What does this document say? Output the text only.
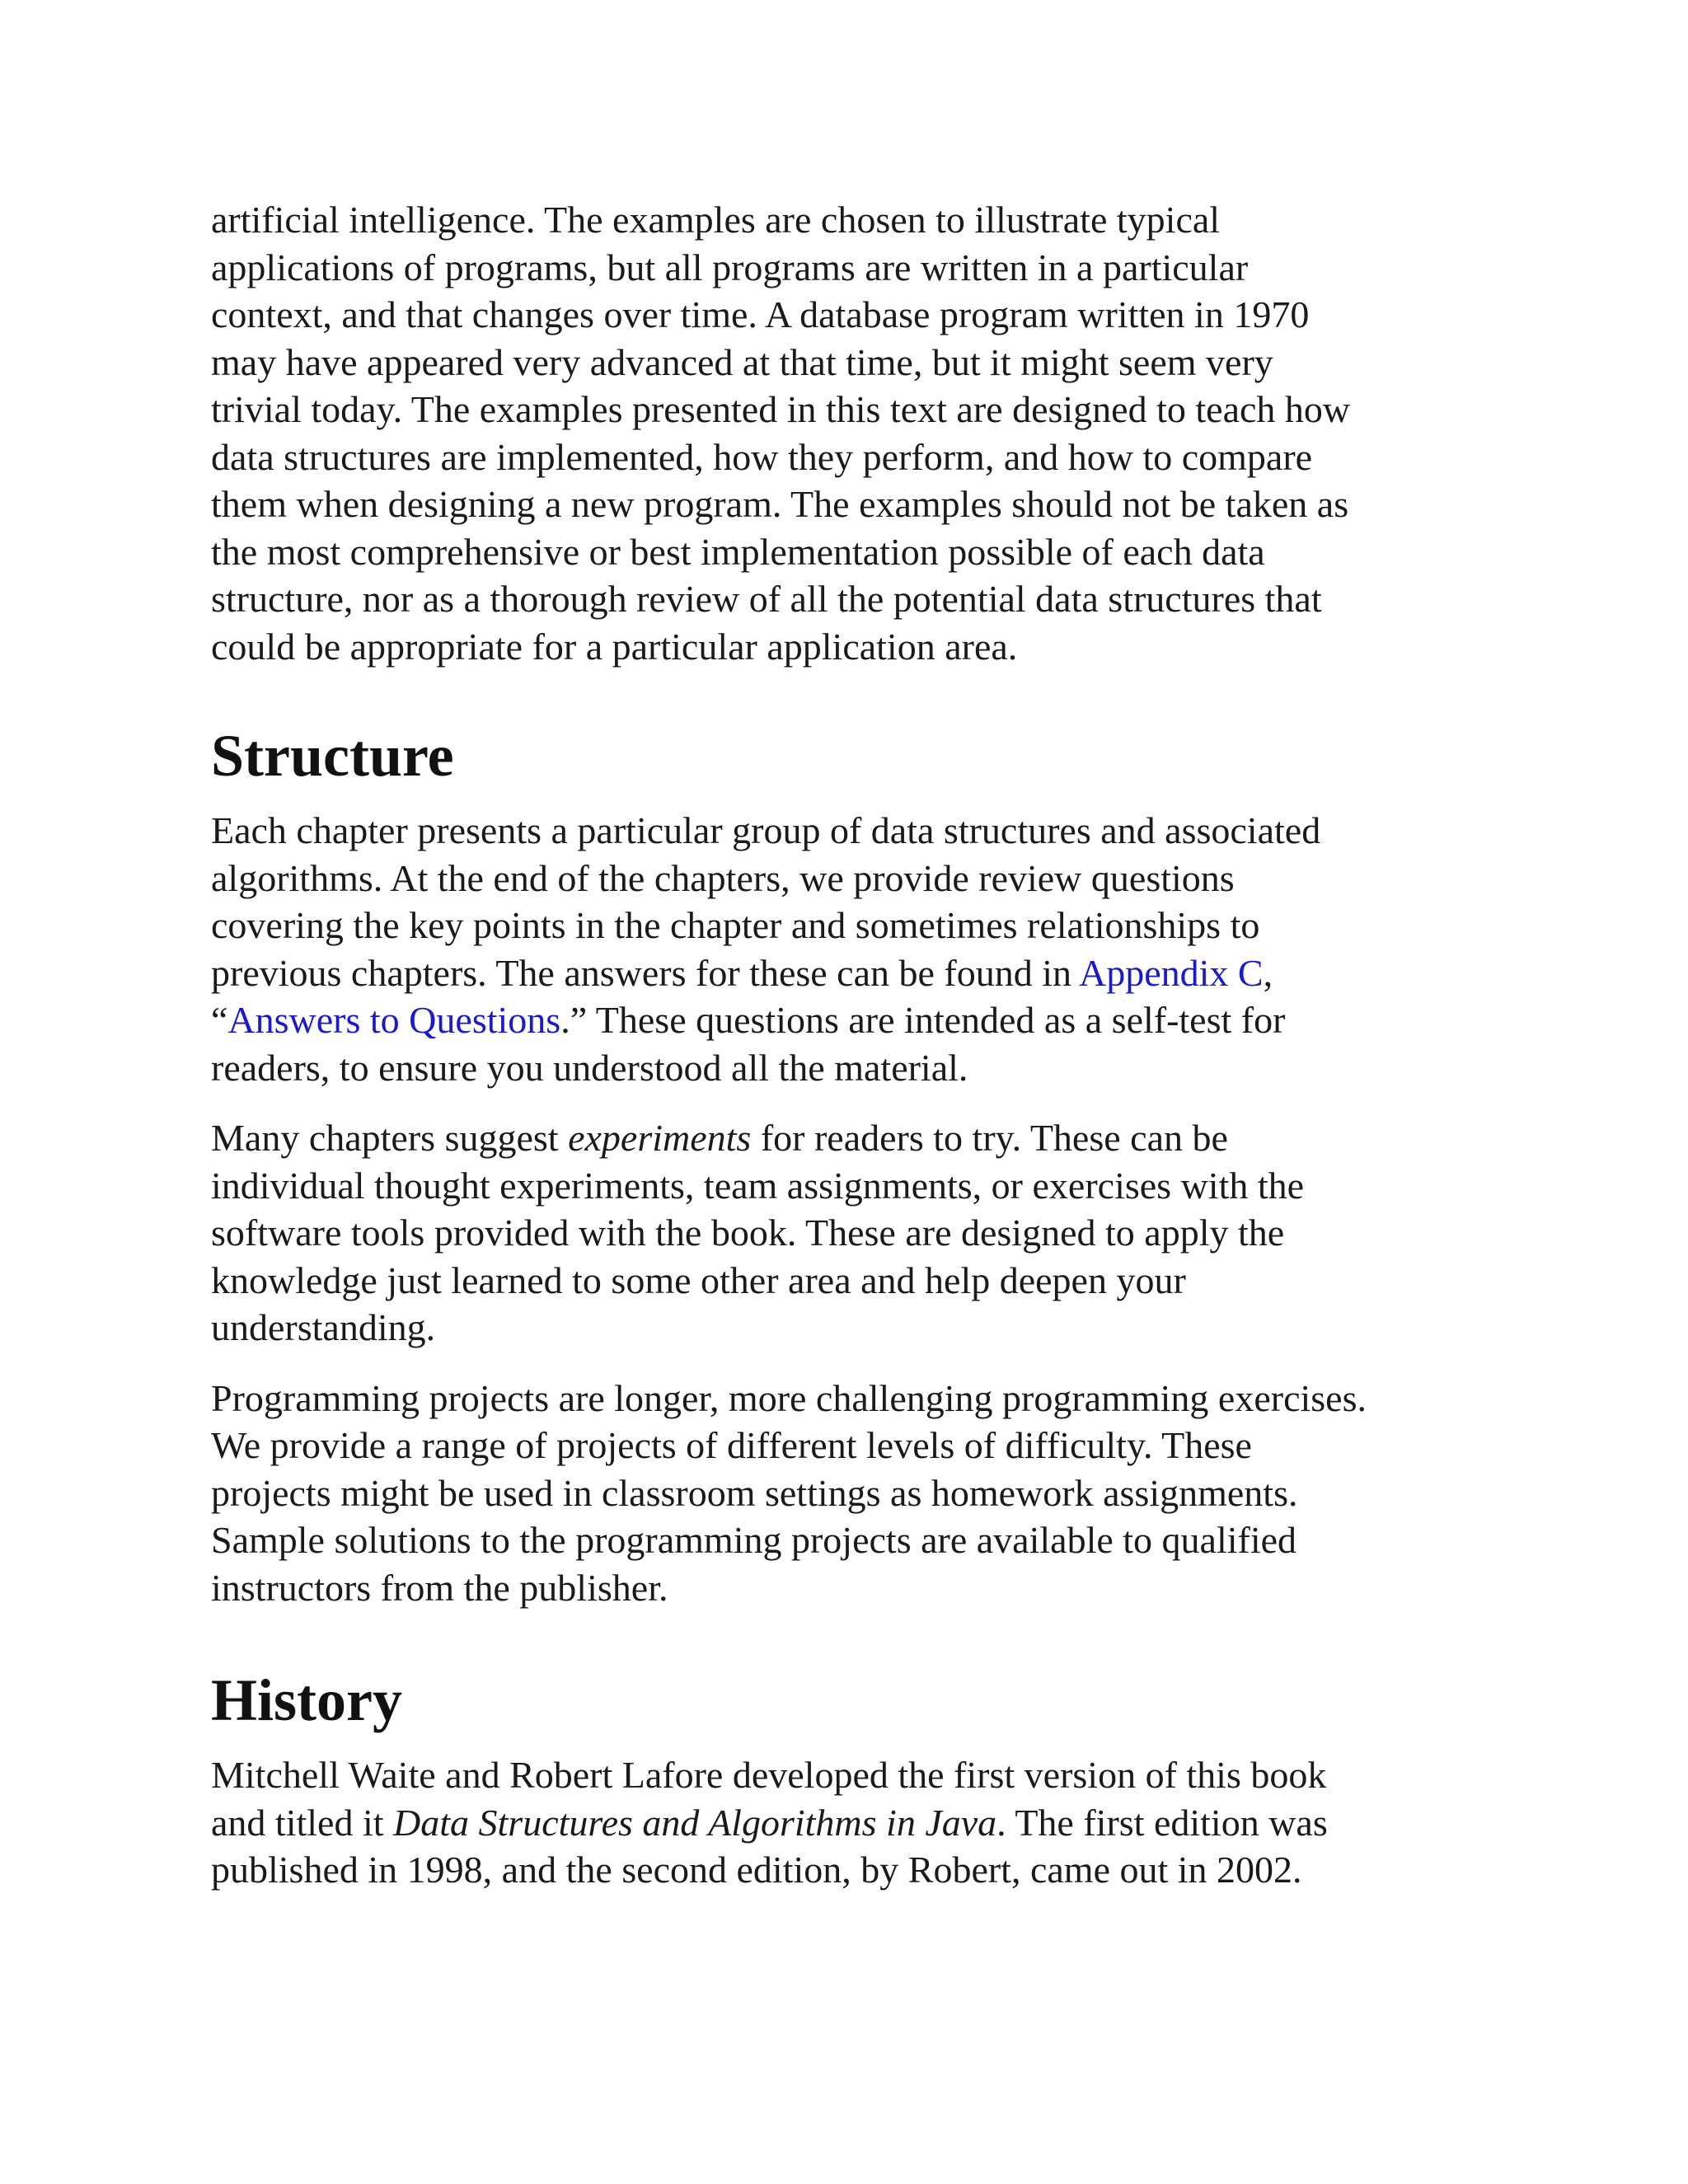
artificial intelligence. The examples are chosen to illustrate typical
applications of programs, but all programs are written in a particular
context, and that changes over time. A database program written in 1970
may have appeared very advanced at that time, but it might seem very
trivial today. The examples presented in this text are designed to teach how
data structures are implemented, how they perform, and how to compare
them when designing a new program. The examples should not be taken as
the most comprehensive or best implementation possible of each data
structure, nor as a thorough review of all the potential data structures that
could be appropriate for a particular application area.

Structure

Each chapter presents a particular group of data structures and associated
algorithms. At the end of the chapters, we provide review questions
covering the key points in the chapter and sometimes relationships to
previous chapters. The answers for these can be found in Appendix C,
“Answers to Questions.” These questions are intended as a self-test for
readers, to ensure you understood all the material.

Many chapters suggest experiments for readers to try. These can be
individual thought experiments, team assignments, or exercises with the
software tools provided with the book. These are designed to apply the
knowledge just learned to some other area and help deepen your
understanding.

Programming projects are longer, more challenging programming exercises.
We provide a range of projects of different levels of difficulty. These
projects might be used in classroom settings as homework assignments.
Sample solutions to the programming projects are available to qualified
instructors from the publisher.

History

Mitchell Waite and Robert Lafore developed the first version of this book
and titled it Data Structures and Algorithms in Java. The first edition was
published in 1998, and the second edition, by Robert, came out in 2002.
